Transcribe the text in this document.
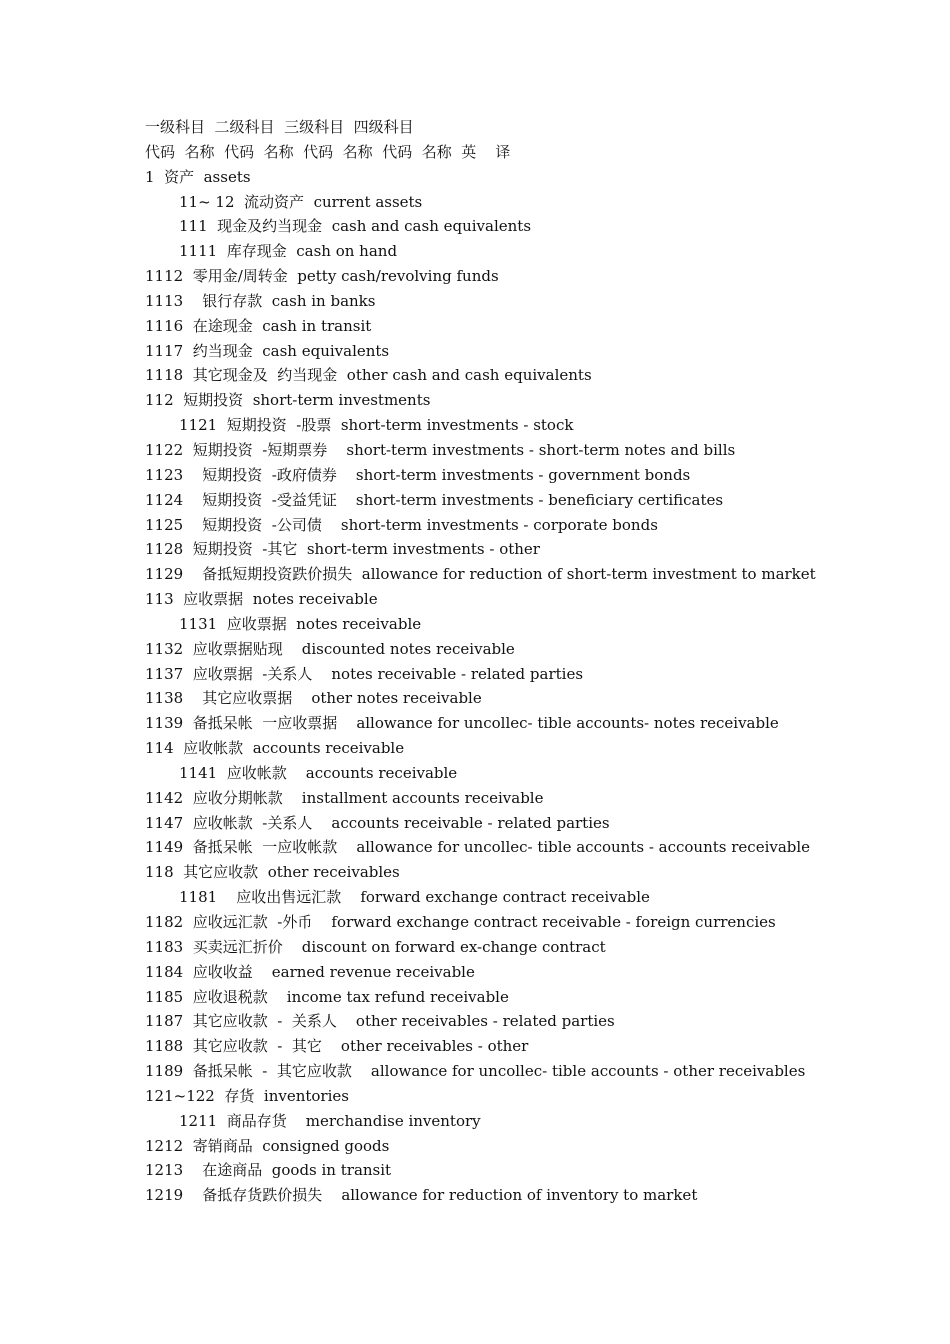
一级科目  二级科目  三级科目  四级科目
代码  名称  代码  名称  代码  名称  代码  名称  英    译
1  资产  assets
11~ 12  流动资产  current assets
111  现金及约当现金  cash and cash equivalents
1111  库存现金  cash on hand
1112  零用金/周转金  petty cash/revolving funds
1113    银行存款  cash in banks
1116  在途现金  cash in transit
1117  约当现金  cash equivalents
1118  其它现金及  约当现金  other cash and cash equivalents
112  短期投资  short-term investments
1121  短期投资  -股票  short-term investments - stock
1122  短期投资  -短期票券    short-term investments - short-term notes and bills
1123    短期投资  -政府债券    short-term investments - government bonds
1124    短期投资  -受益凭证    short-term investments - beneficiary certificates
1125    短期投资  -公司债    short-term investments - corporate bonds
1128  短期投资  -其它  short-term investments - other
1129    备抵短期投资跌价损失  allowance for reduction of short-term investment to market
113  应收票据  notes receivable
1131  应收票据  notes receivable
1132  应收票据贴现    discounted notes receivable
1137  应收票据  -关系人    notes receivable - related parties
1138    其它应收票据    other notes receivable
1139  备抵呆帐  一应收票据    allowance for uncollec- tible accounts- notes receivable
114  应收帐款  accounts receivable
1141  应收帐款    accounts receivable
1142  应收分期帐款    installment accounts receivable
1147  应收帐款  -关系人    accounts receivable - related parties
1149  备抵呆帐  一应收帐款    allowance for uncollec- tible accounts - accounts receivable
118  其它应收款  other receivables
1181    应收出售远汇款    forward exchange contract receivable
1182  应收远汇款  -外币    forward exchange contract receivable - foreign currencies
1183  买卖远汇折价    discount on forward ex-change contract
1184  应收收益    earned revenue receivable
1185  应收退税款    income tax refund receivable
1187  其它应收款  -  关系人    other receivables - related parties
1188  其它应收款  -  其它    other receivables - other
1189  备抵呆帐  -  其它应收款    allowance for uncollec- tible accounts - other receivables
121~122  存货  inventories
1211  商品存货    merchandise inventory
1212  寄销商品  consigned goods
1213    在途商品  goods in transit
1219    备抵存货跌价损失    allowance for reduction of inventory to market
